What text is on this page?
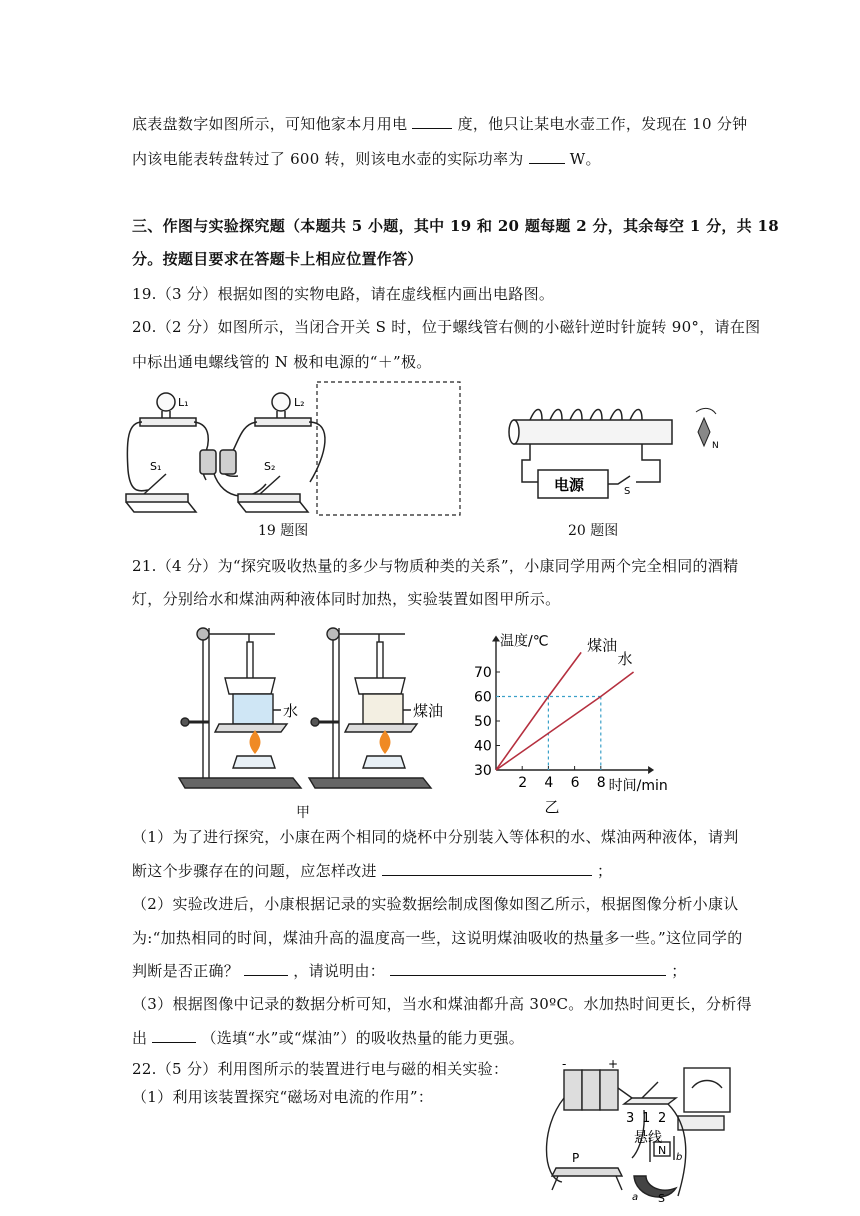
底表盘数字如图所示，可知他家本月用电	度，他只让某电水壶工作，发现在 10 分钟
内该电能表转盘转过了 600 转，则该电水壶的实际功率为	W。
三、作图与实验探究题（本题共 5 小题，其中 19 和 20 题每题 2 分，其余每空 1 分，共 18
分。按题目要求在答题卡上相应位置作答）
19.（3 分）根据如图的实物电路，请在虚线框内画出电路图。
20.（2 分）如图所示，当闭合开关 S 时，位于螺线管右侧的小磁针逆时针旋转 90°，请在图
中标出通电螺线管的 N 极和电源的“＋”极。
L₁	L₂
S₁	S₂
19 题图
电源	S
N
20 题图
21.（4 分）为“探究吸收热量的多少与物质种类的关系”，小康同学用两个完全相同的酒精
灯，分别给水和煤油两种液体同时加热，实验装置如图甲所示。
水	煤油
甲
温度/℃
时间/min
2 4 6 8
30
40
50
60
70
煤油
水
乙
（1）为了进行探究，小康在两个相同的烧杯中分别装入等体积的水、煤油两种液体，请判
断这个步骤存在的问题，应怎样改进	；
（2）实验改进后，小康根据记录的实验数据绘制成图像如图乙所示，根据图像分析小康认
为:“加热相同的时间，煤油升高的温度高一些，这说明煤油吸收的热量多一些。”这位同学的
判断是否正确？	，请说明由：	；
（3）根据图像中记录的数据分析可知，当水和煤油都升高 30ºC。水加热时间更长，分析得
出	（选填“水”或“煤油”）的吸收热量的能力更强。
22.（5 分）利用图所示的装置进行电与磁的相关实验：
（1）利用该装置探究“磁场对电流的作用”：
-	+
3 1 2
悬线
N
S
P
a
b
